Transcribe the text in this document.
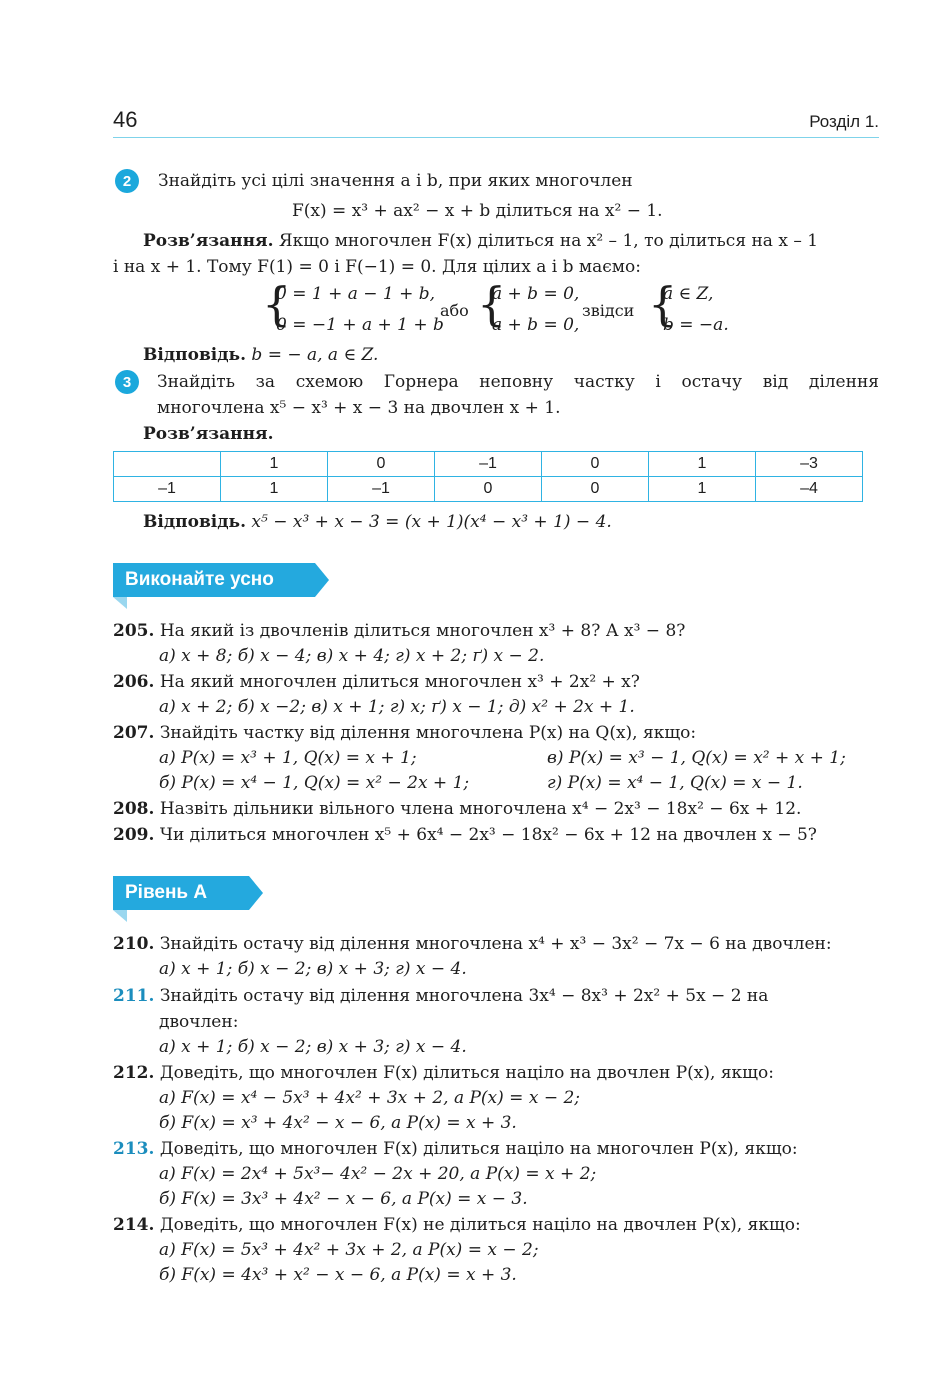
46	Розділ 1.
2	Знайдіть усі цілі значення a і b, при яких многочлен
F(x) = x³ + ax² − x + b ділиться на x² − 1.
Розв’язання. Якщо многочлен F(x) ділиться на x² – 1, то ділиться на x – 1
і на x + 1. Тому F(1) = 0 і F(−1) = 0. Для цілих a і b маємо:
{
0 = 1 + a − 1 + b,
0 = −1 + a + 1 + b
або {
a + b = 0,
a + b = 0,
звідси {
a ∈ Z,
b = −a.
Відповідь. b = − a, a ∈ Z.
3	Знайдіть за схемою Горнера неповну частку і остачу від ділення
многочлена x⁵ − x³ + x − 3 на двочлен x + 1.
Розв’язання.
	1	0	–1	0	1	–3
–1	1	–1	0	0	1	–4
Відповідь. x⁵ − x³ + x − 3 = (x + 1)(x⁴ − x³ + 1) − 4.
Виконайте усно
205. На який із двочленів ділиться многочлен x³ + 8? А x³ − 8?
а) x + 8; б) x − 4; в) x + 4; г) x + 2; ґ) x − 2.
206. На який многочлен ділиться многочлен x³ + 2x² + x?
а) x + 2; б) x −2; в) x + 1; г) x; ґ) x − 1; д) x² + 2x + 1.
207. Знайдіть частку від ділення многочлена P(x) на Q(x), якщо:
а) P(x) = x³ + 1, Q(x) = x + 1;	в) P(x) = x³ − 1, Q(x) = x² + x + 1;
б) P(x) = x⁴ − 1, Q(x) = x² − 2x + 1;	г) P(x) = x⁴ − 1, Q(x) = x − 1.
208. Назвіть дільники вільного члена многочлена x⁴ − 2x³ − 18x² − 6x + 12.
209. Чи ділиться многочлен x⁵ + 6x⁴ − 2x³ − 18x² − 6x + 12 на двочлен x − 5?
Рівень А
210. Знайдіть остачу від ділення многочлена x⁴ + x³ − 3x² − 7x − 6 на двочлен:
а) x + 1; б) x − 2; в) x + 3; г) x − 4.
211. Знайдіть остачу від ділення многочлена 3x⁴ − 8x³ + 2x² + 5x − 2 на
двочлен:
а) x + 1; б) x − 2; в) x + 3; г) x − 4.
212. Доведіть, що многочлен F(x) ділиться націло на двочлен P(x), якщо:
а) F(x) = x⁴ − 5x³ + 4x² + 3x + 2, а P(x) = x − 2;
б) F(x) = x³ + 4x² − x − 6, а P(x) = x + 3.
213. Доведіть, що многочлен F(x) ділиться націло на многочлен P(x), якщо:
а) F(x) = 2x⁴ + 5x³− 4x² − 2x + 20, а P(x) = x + 2;
б) F(x) = 3x³ + 4x² − x − 6, а P(x) = x − 3.
214. Доведіть, що многочлен F(x) не ділиться націло на двочлен P(x), якщо:
а) F(x) = 5x³ + 4x² + 3x + 2, а P(x) = x − 2;
б) F(x) = 4x³ + x² − x − 6, а P(x) = x + 3.
